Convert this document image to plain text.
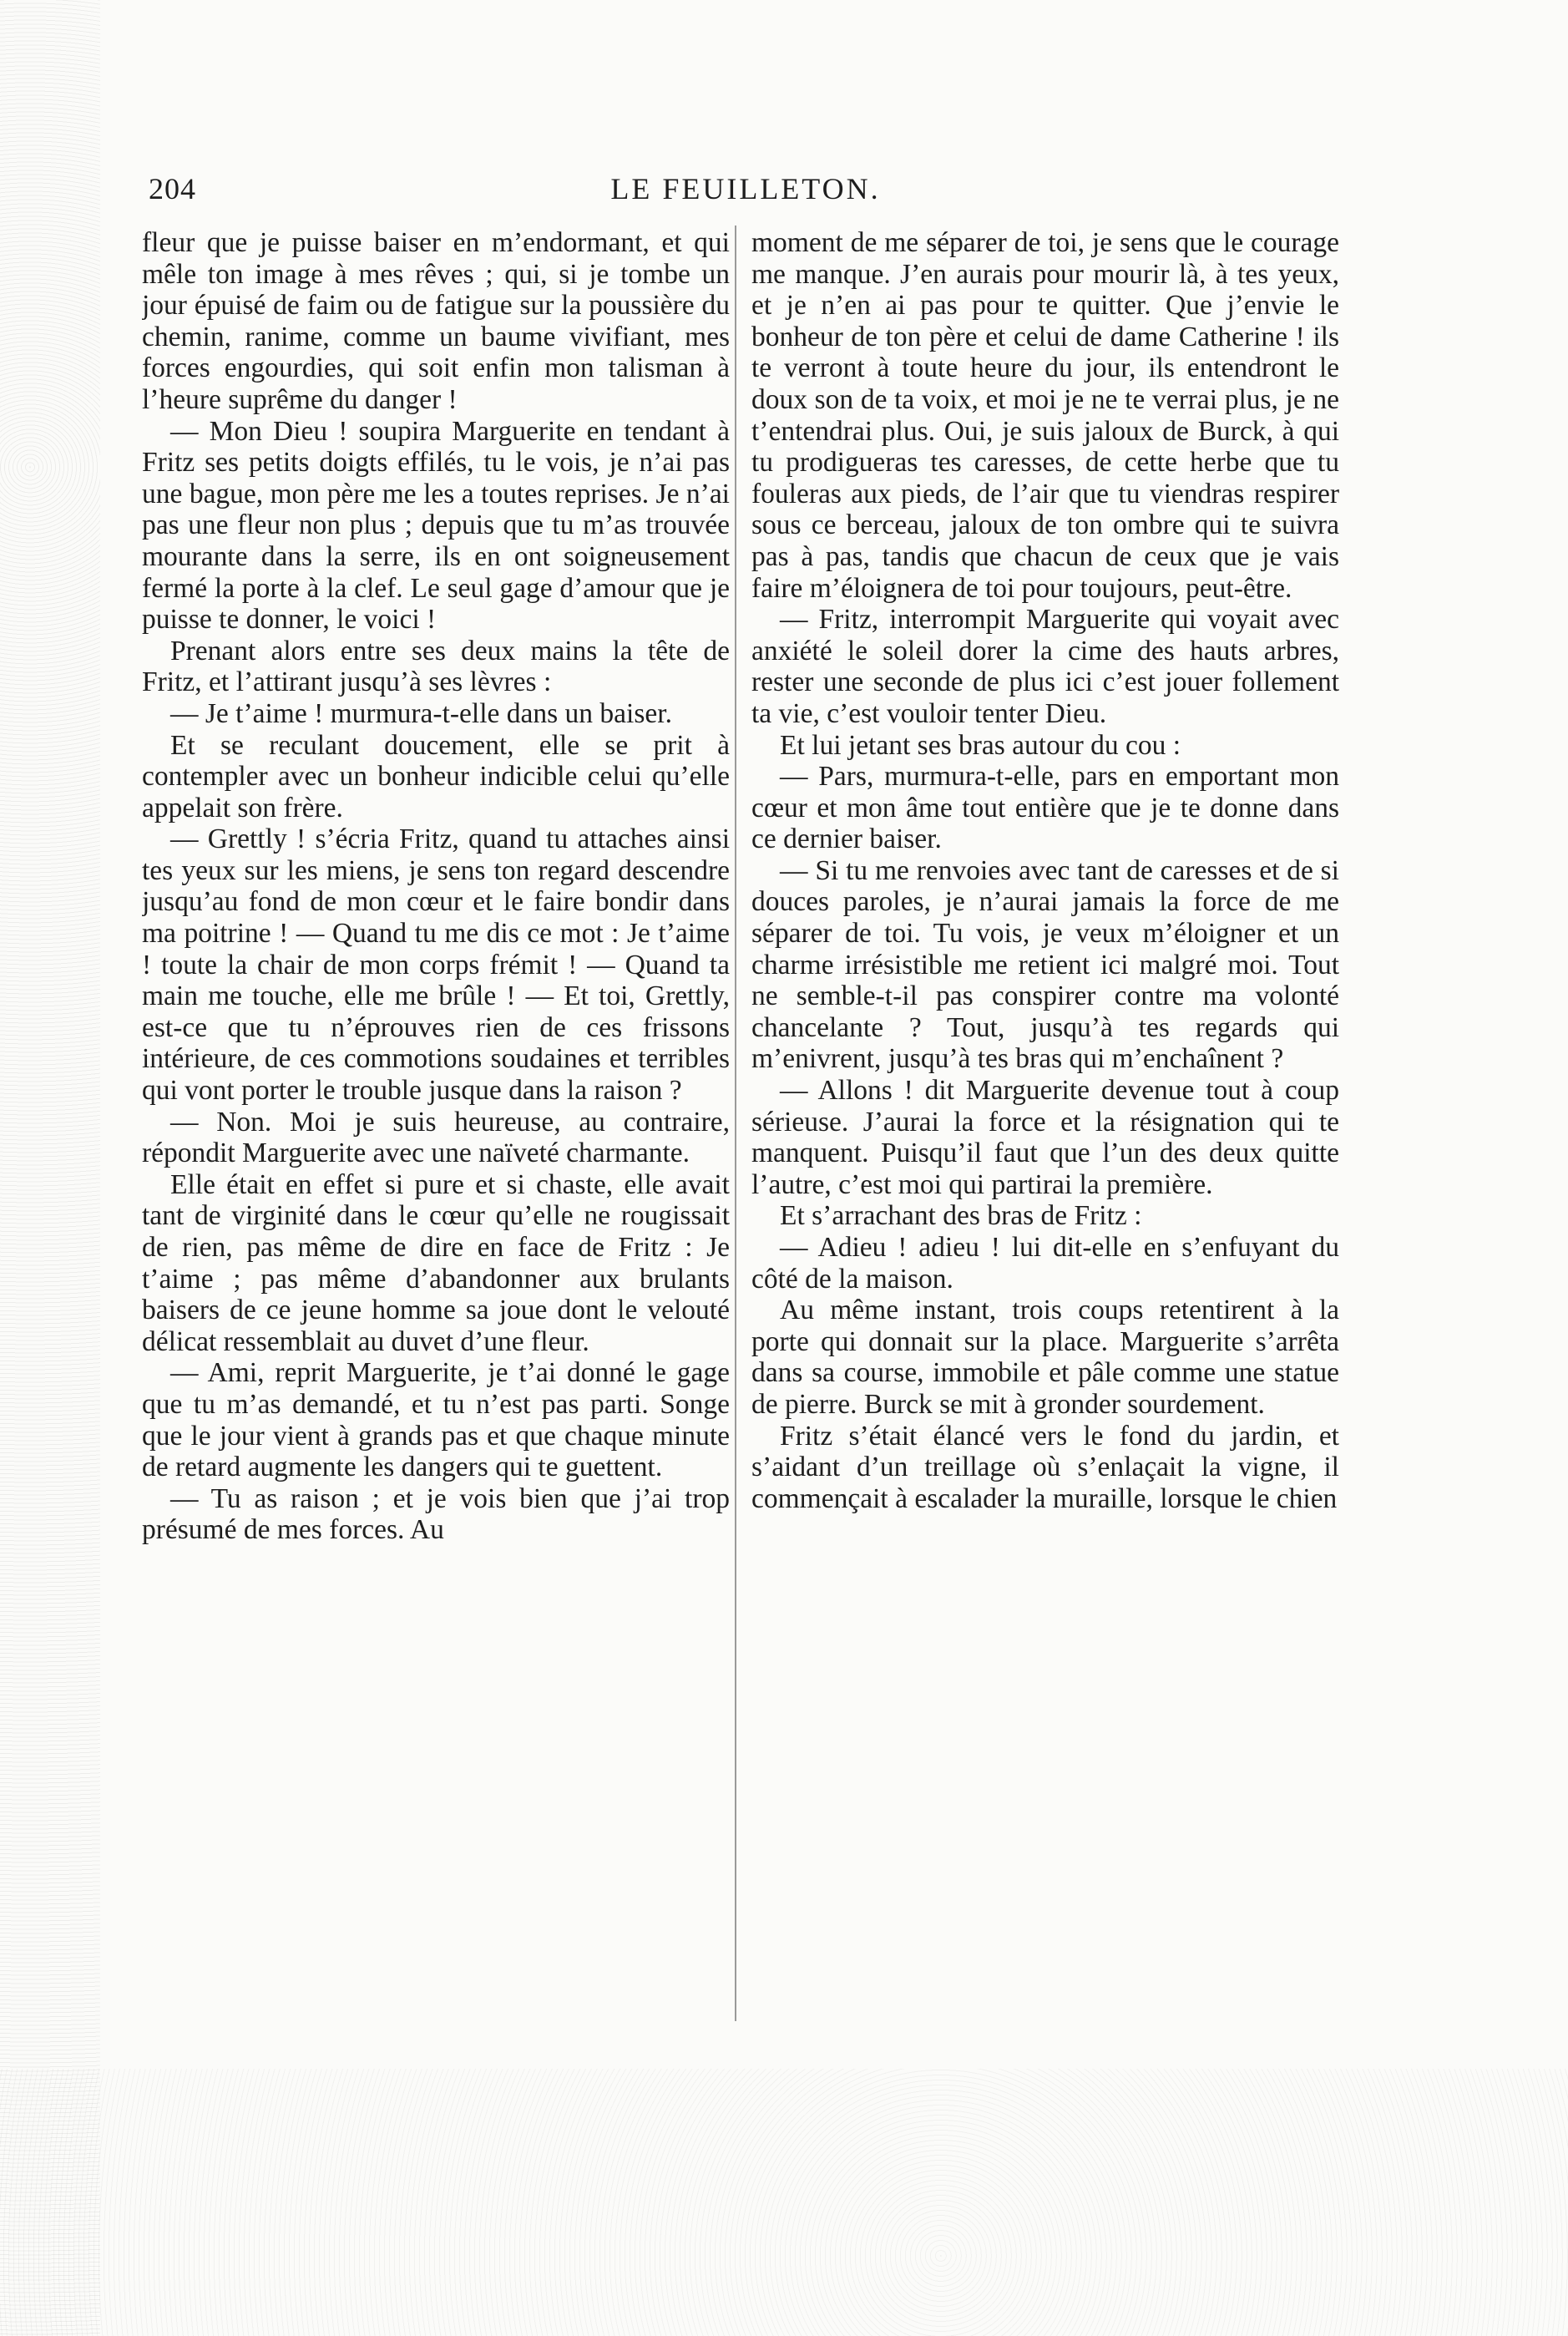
204	LE FEUILLETON.

fleur que je puisse baiser en m’endormant, et qui mêle ton image à mes rêves ; qui, si je tombe un jour épuisé de faim ou de fatigue sur la poussière du chemin, ranime, comme un baume vivifiant, mes forces engourdies, qui soit enfin mon talisman à l’heure suprême du danger !

— Mon Dieu ! soupira Marguerite en tendant à Fritz ses petits doigts effilés, tu le vois, je n’ai pas une bague, mon père me les a toutes reprises. Je n’ai pas une fleur non plus ; depuis que tu m’as trouvée mourante dans la serre, ils en ont soigneusement fermé la porte à la clef. Le seul gage d’amour que je puisse te donner, le voici !

Prenant alors entre ses deux mains la tête de Fritz, et l’attirant jusqu’à ses lèvres :

— Je t’aime ! murmura-t-elle dans un baiser.

Et se reculant doucement, elle se prit à contempler avec un bonheur indicible celui qu’elle appelait son frère.

— Grettly ! s’écria Fritz, quand tu attaches ainsi tes yeux sur les miens, je sens ton regard descendre jusqu’au fond de mon cœur et le faire bondir dans ma poitrine ! — Quand tu me dis ce mot : Je t’aime ! toute la chair de mon corps frémit ! — Quand ta main me touche, elle me brûle ! — Et toi, Grettly, est-ce que tu n’éprouves rien de ces frissons intérieure, de ces commotions soudaines et terribles qui vont porter le trouble jusque dans la raison ?

— Non. Moi je suis heureuse, au contraire, répondit Marguerite avec une naïveté charmante.

Elle était en effet si pure et si chaste, elle avait tant de virginité dans le cœur qu’elle ne rougissait de rien, pas même de dire en face de Fritz : Je t’aime ; pas même d’abandonner aux brulants baisers de ce jeune homme sa joue dont le velouté délicat ressemblait au duvet d’une fleur.

— Ami, reprit Marguerite, je t’ai donné le gage que tu m’as demandé, et tu n’est pas parti. Songe que le jour vient à grands pas et que chaque minute de retard augmente les dangers qui te guettent.

— Tu as raison ; et je vois bien que j’ai trop présumé de mes forces. Au

moment de me séparer de toi, je sens que le courage me manque. J’en aurais pour mourir là, à tes yeux, et je n’en ai pas pour te quitter. Que j’envie le bonheur de ton père et celui de dame Catherine ! ils te verront à toute heure du jour, ils entendront le doux son de ta voix, et moi je ne te verrai plus, je ne t’entendrai plus. Oui, je suis jaloux de Burck, à qui tu prodigueras tes caresses, de cette herbe que tu fouleras aux pieds, de l’air que tu viendras respirer sous ce berceau, jaloux de ton ombre qui te suivra pas à pas, tandis que chacun de ceux que je vais faire m’éloignera de toi pour toujours, peut-être.

— Fritz, interrompit Marguerite qui voyait avec anxiété le soleil dorer la cime des hauts arbres, rester une seconde de plus ici c’est jouer follement ta vie, c’est vouloir tenter Dieu.

Et lui jetant ses bras autour du cou :

— Pars, murmura-t-elle, pars en emportant mon cœur et mon âme tout entière que je te donne dans ce dernier baiser.

— Si tu me renvoies avec tant de caresses et de si douces paroles, je n’aurai jamais la force de me séparer de toi. Tu vois, je veux m’éloigner et un charme irrésistible me retient ici malgré moi. Tout ne semble-t-il pas conspirer contre ma volonté chancelante ? Tout, jusqu’à tes regards qui m’enivrent, jusqu’à tes bras qui m’enchaînent ?

— Allons ! dit Marguerite devenue tout à coup sérieuse. J’aurai la force et la résignation qui te manquent. Puisqu’il faut que l’un des deux quitte l’autre, c’est moi qui partirai la première.

Et s’arrachant des bras de Fritz :

— Adieu ! adieu ! lui dit-elle en s’enfuyant du côté de la maison.

Au même instant, trois coups retentirent à la porte qui donnait sur la place. Marguerite s’arrêta dans sa course, immobile et pâle comme une statue de pierre. Burck se mit à gronder sourdement.

Fritz s’était élancé vers le fond du jardin, et s’aidant d’un treillage où s’enlaçait la vigne, il commençait à escalader la muraille, lorsque le chien
